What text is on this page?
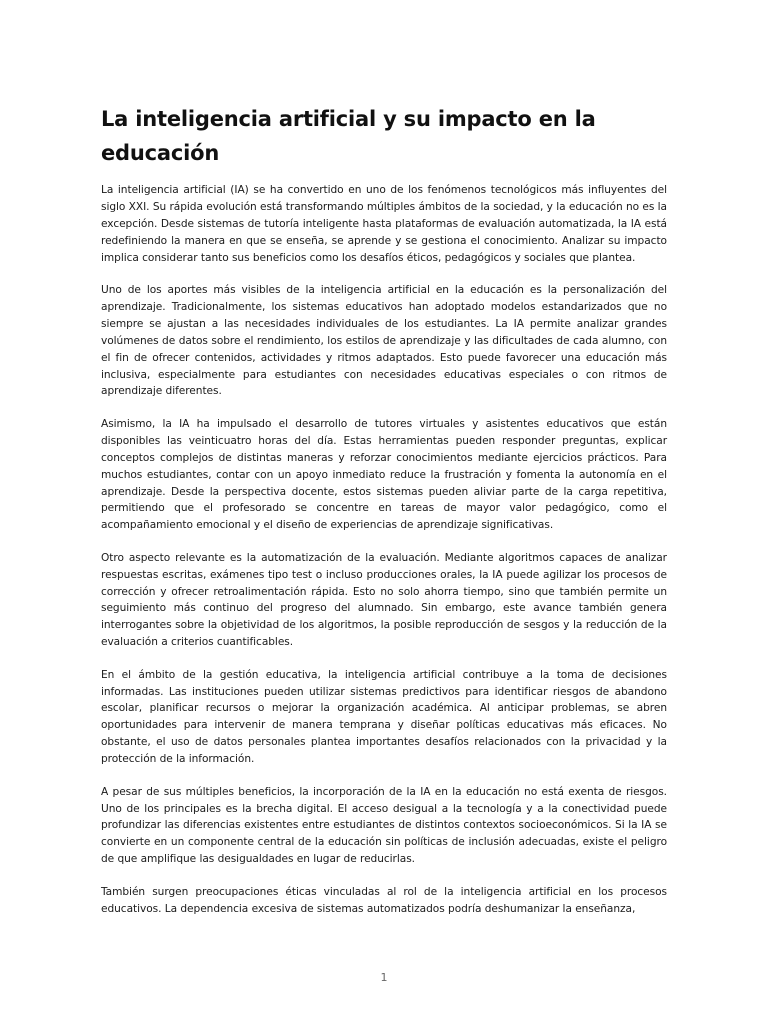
La inteligencia artificial y su impacto en la educación

La inteligencia artificial (IA) se ha convertido en uno de los fenómenos tecnológicos más influyentes del siglo XXI. Su rápida evolución está transformando múltiples ámbitos de la sociedad, y la educación no es la excepción. Desde sistemas de tutoría inteligente hasta plataformas de evaluación automatizada, la IA está redefiniendo la manera en que se enseña, se aprende y se gestiona el conocimiento. Analizar su impacto implica considerar tanto sus beneficios como los desafíos éticos, pedagógicos y sociales que plantea.

Uno de los aportes más visibles de la inteligencia artificial en la educación es la personalización del aprendizaje. Tradicionalmente, los sistemas educativos han adoptado modelos estandarizados que no siempre se ajustan a las necesidades individuales de los estudiantes. La IA permite analizar grandes volúmenes de datos sobre el rendimiento, los estilos de aprendizaje y las dificultades de cada alumno, con el fin de ofrecer contenidos, actividades y ritmos adaptados. Esto puede favorecer una educación más inclusiva, especialmente para estudiantes con necesidades educativas especiales o con ritmos de aprendizaje diferentes.

Asimismo, la IA ha impulsado el desarrollo de tutores virtuales y asistentes educativos que están disponibles las veinticuatro horas del día. Estas herramientas pueden responder preguntas, explicar conceptos complejos de distintas maneras y reforzar conocimientos mediante ejercicios prácticos. Para muchos estudiantes, contar con un apoyo inmediato reduce la frustración y fomenta la autonomía en el aprendizaje. Desde la perspectiva docente, estos sistemas pueden aliviar parte de la carga repetitiva, permitiendo que el profesorado se concentre en tareas de mayor valor pedagógico, como el acompañamiento emocional y el diseño de experiencias de aprendizaje significativas.

Otro aspecto relevante es la automatización de la evaluación. Mediante algoritmos capaces de analizar respuestas escritas, exámenes tipo test o incluso producciones orales, la IA puede agilizar los procesos de corrección y ofrecer retroalimentación rápida. Esto no solo ahorra tiempo, sino que también permite un seguimiento más continuo del progreso del alumnado. Sin embargo, este avance también genera interrogantes sobre la objetividad de los algoritmos, la posible reproducción de sesgos y la reducción de la evaluación a criterios cuantificables.

En el ámbito de la gestión educativa, la inteligencia artificial contribuye a la toma de decisiones informadas. Las instituciones pueden utilizar sistemas predictivos para identificar riesgos de abandono escolar, planificar recursos o mejorar la organización académica. Al anticipar problemas, se abren oportunidades para intervenir de manera temprana y diseñar políticas educativas más eficaces. No obstante, el uso de datos personales plantea importantes desafíos relacionados con la privacidad y la protección de la información.

A pesar de sus múltiples beneficios, la incorporación de la IA en la educación no está exenta de riesgos. Uno de los principales es la brecha digital. El acceso desigual a la tecnología y a la conectividad puede profundizar las diferencias existentes entre estudiantes de distintos contextos socioeconómicos. Si la IA se convierte en un componente central de la educación sin políticas de inclusión adecuadas, existe el peligro de que amplifique las desigualdades en lugar de reducirlas.

También surgen preocupaciones éticas vinculadas al rol de la inteligencia artificial en los procesos educativos. La dependencia excesiva de sistemas automatizados podría deshumanizar la enseñanza,

1
